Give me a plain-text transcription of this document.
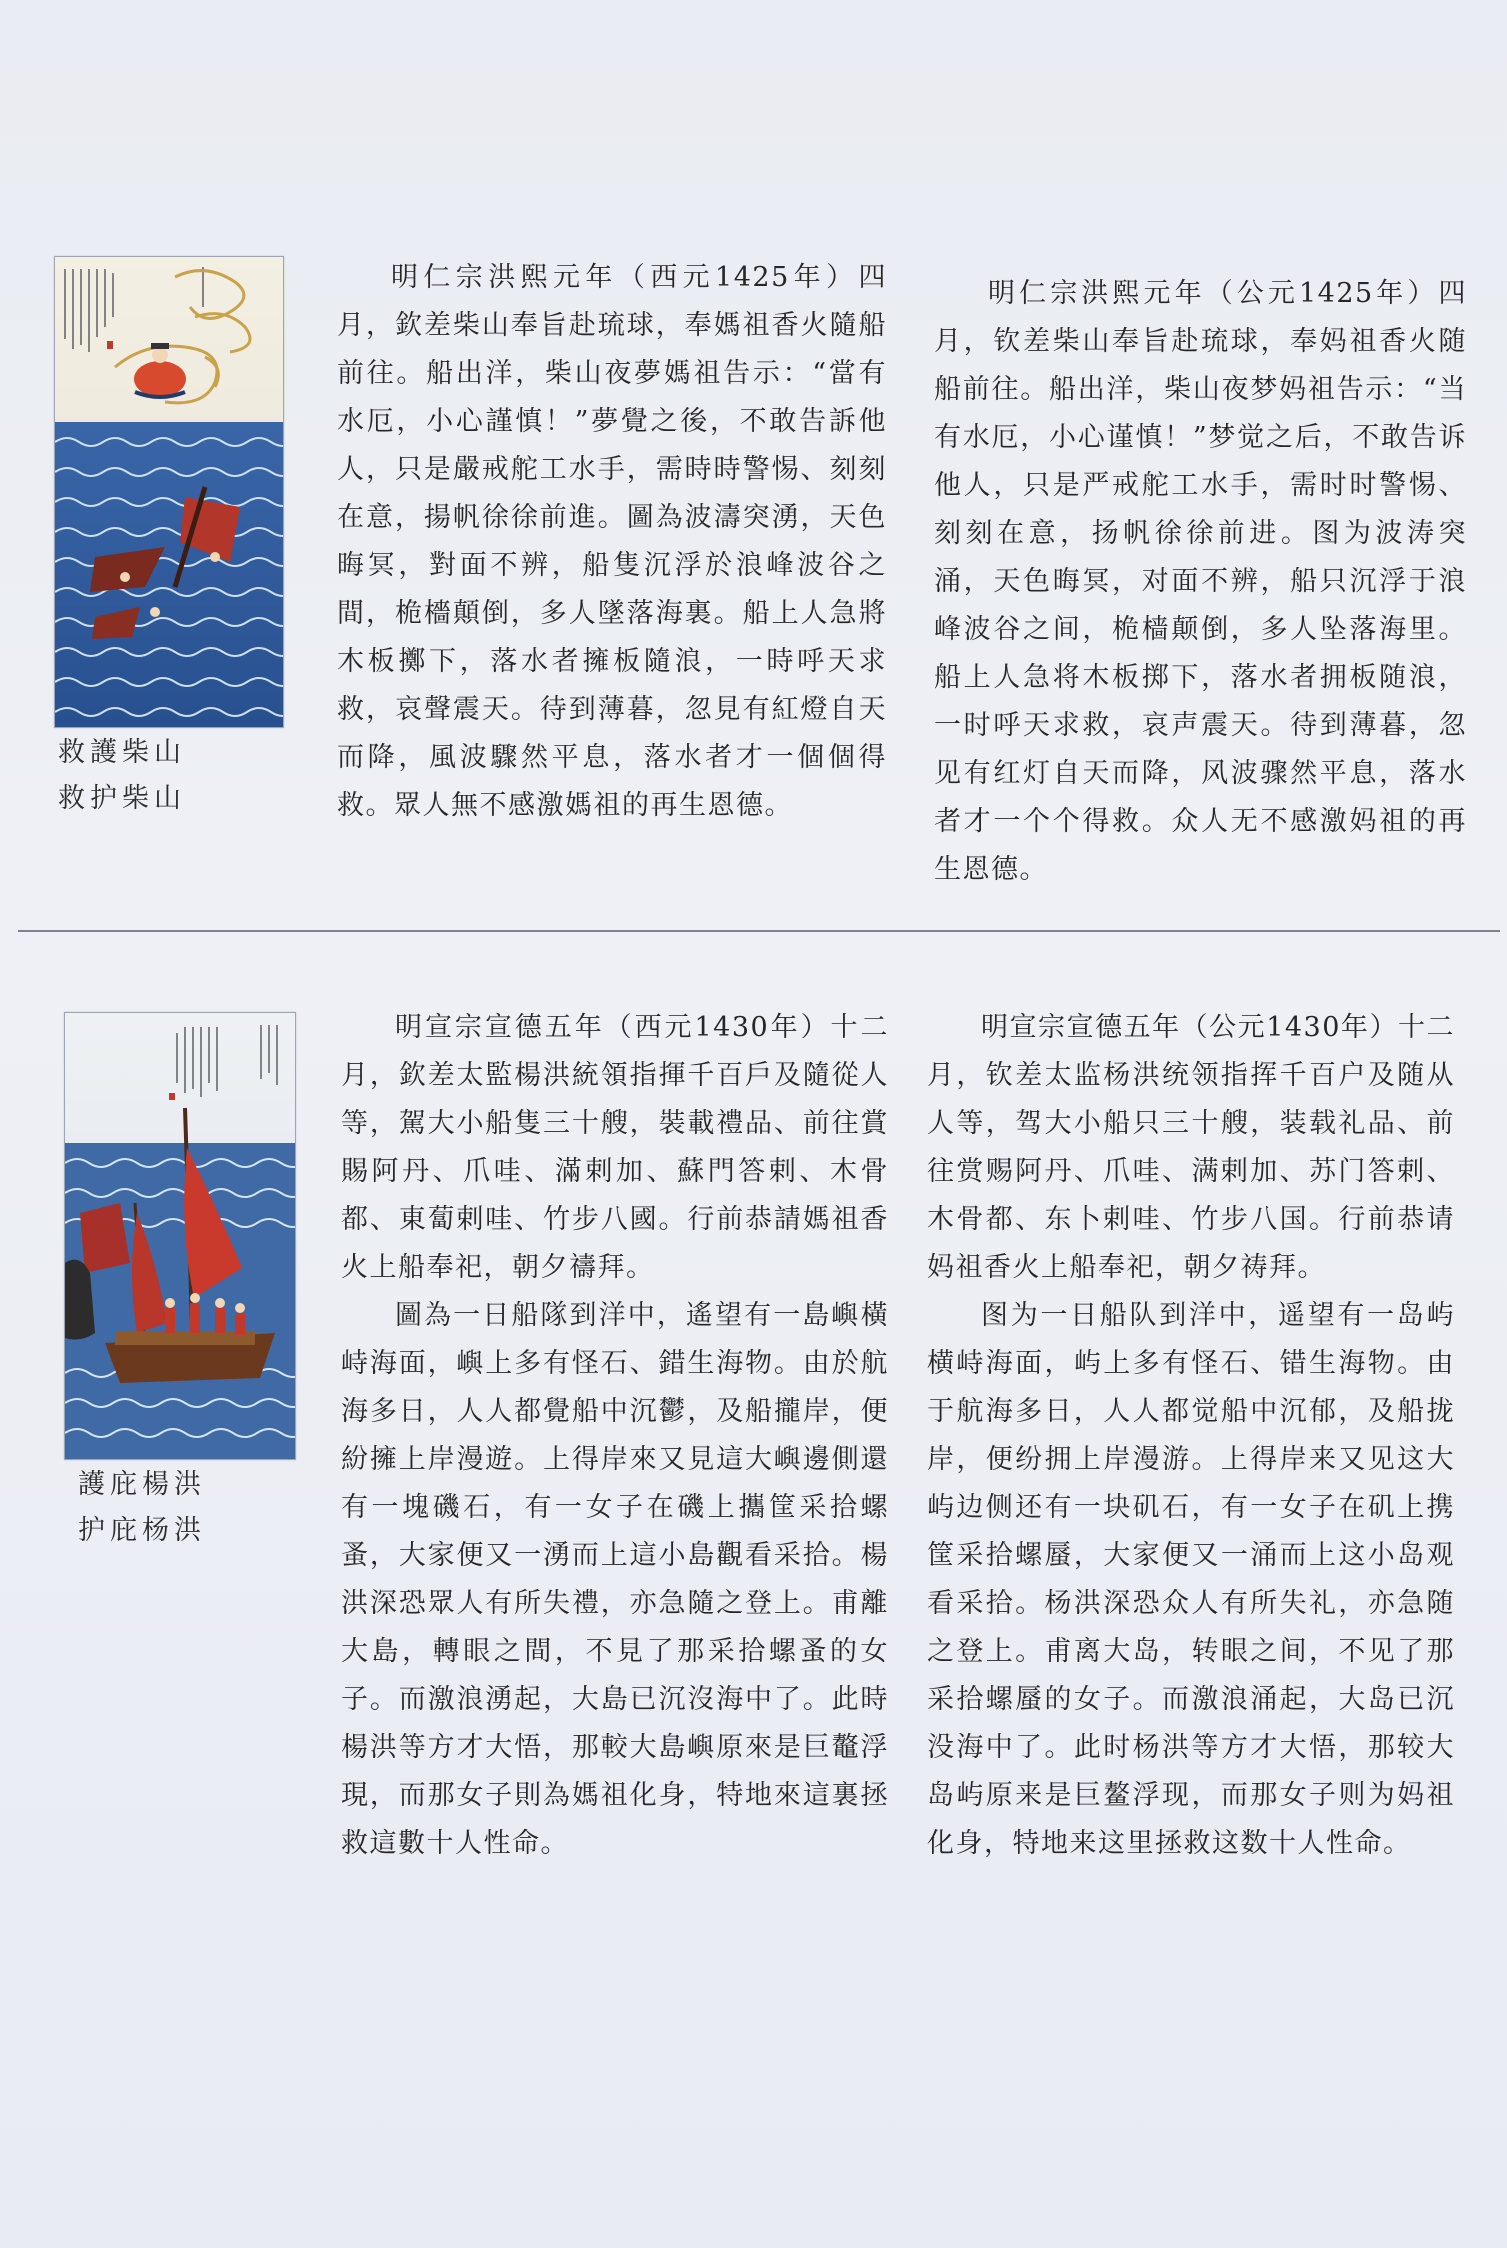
救護柴山
救护柴山

明仁宗洪熙元年（西元1425年）四月，欽差柴山奉旨赴琉球，奉媽祖香火隨船前往。船出洋，柴山夜夢媽祖告示：“當有水厄，小心謹慎！”夢覺之後，不敢告訴他人，只是嚴戒舵工水手，需時時警惕、刻刻在意，揚帆徐徐前進。圖為波濤突湧，天色晦冥，對面不辨，船隻沉浮於浪峰波谷之間，桅檣顛倒，多人墜落海裏。船上人急將木板擲下，落水者擁板隨浪，一時呼天求救，哀聲震天。待到薄暮，忽見有紅燈自天而降，風波驟然平息，落水者才一個個得救。眾人無不感激媽祖的再生恩德。

明仁宗洪熙元年（公元1425年）四月，钦差柴山奉旨赴琉球，奉妈祖香火随船前往。船出洋，柴山夜梦妈祖告示：“当有水厄，小心谨慎！”梦觉之后，不敢告诉他人，只是严戒舵工水手，需时时警惕、刻刻在意，扬帆徐徐前进。图为波涛突涌，天色晦冥，对面不辨，船只沉浮于浪峰波谷之间，桅樯颠倒，多人坠落海里。船上人急将木板掷下，落水者拥板随浪，一时呼天求救，哀声震天。待到薄暮，忽见有红灯自天而降，风波骤然平息，落水者才一个个得救。众人无不感激妈祖的再生恩德。

護庇楊洪
护庇杨洪

明宣宗宣德五年（西元1430年）十二月，欽差太監楊洪統領指揮千百戶及隨從人等，駕大小船隻三十艘，裝載禮品、前往賞賜阿丹、爪哇、滿剌加、蘇門答剌、木骨都、東蔔剌哇、竹步八國。行前恭請媽祖香火上船奉祀，朝夕禱拜。

圖為一日船隊到洋中，遙望有一島嶼橫峙海面，嶼上多有怪石、錯生海物。由於航海多日，人人都覺船中沉鬱，及船攏岸，便紛擁上岸漫遊。上得岸來又見這大嶼邊側還有一塊磯石，有一女子在磯上攜筐采拾螺蚤，大家便又一湧而上這小島觀看采拾。楊洪深恐眾人有所失禮，亦急隨之登上。甫離大島，轉眼之間，不見了那采拾螺蚤的女子。而激浪湧起，大島已沉沒海中了。此時楊洪等方才大悟，那較大島嶼原來是巨鼇浮現，而那女子則為媽祖化身，特地來這裏拯救這數十人性命。

明宣宗宣德五年（公元1430年）十二月，钦差太监杨洪统领指挥千百户及随从人等，驾大小船只三十艘，装载礼品、前往赏赐阿丹、爪哇、满剌加、苏门答剌、木骨都、东卜剌哇、竹步八国。行前恭请妈祖香火上船奉祀，朝夕祷拜。

图为一日船队到洋中，遥望有一岛屿横峙海面，屿上多有怪石、错生海物。由于航海多日，人人都觉船中沉郁，及船拢岸，便纷拥上岸漫游。上得岸来又见这大屿边侧还有一块矶石，有一女子在矶上携筐采拾螺蜃，大家便又一涌而上这小岛观看采拾。杨洪深恐众人有所失礼，亦急随之登上。甫离大岛，转眼之间，不见了那采拾螺蜃的女子。而激浪涌起，大岛已沉没海中了。此时杨洪等方才大悟，那较大岛屿原来是巨鳌浮现，而那女子则为妈祖化身，特地来这里拯救这数十人性命。
